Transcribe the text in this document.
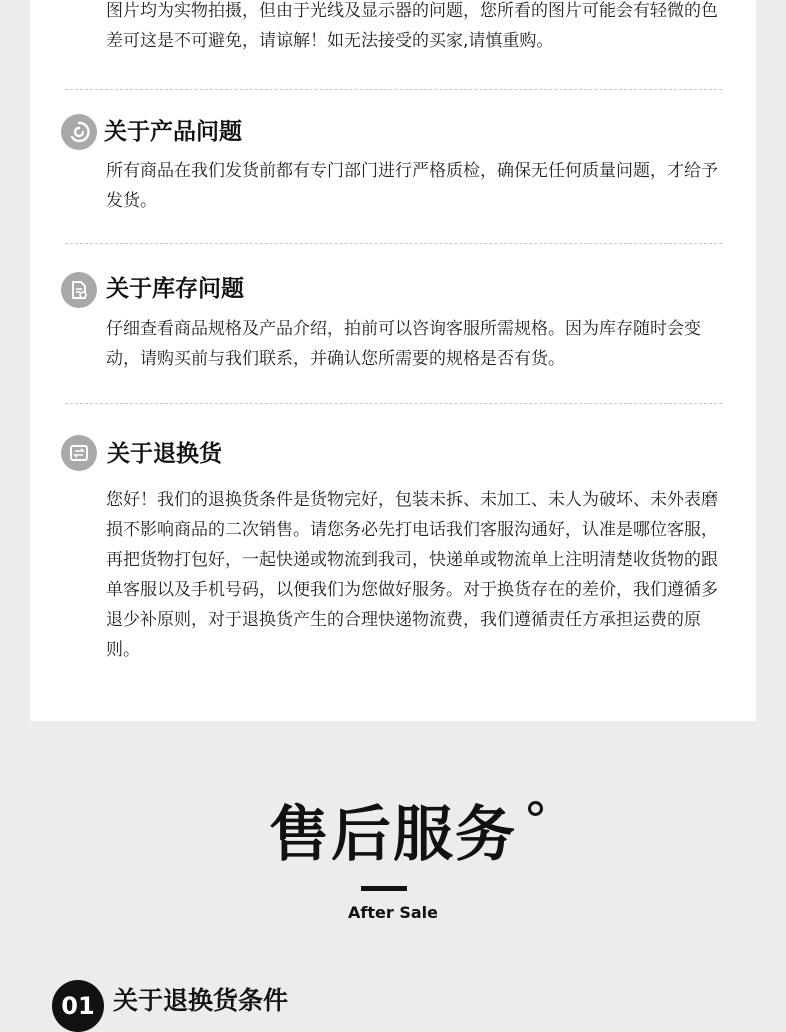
图片均为实物拍摄，但由于光线及显示器的问题，您所看的图片可能会有轻微的色差可这是不可避免，请谅解！如无法接受的买家,请慎重购。
关于产品问题
所有商品在我们发货前都有专门部门进行严格质检，确保无任何质量问题，才给予发货。
关于库存问题
仔细查看商品规格及产品介绍，拍前可以咨询客服所需规格。因为库存随时会变动，请购买前与我们联系，并确认您所需要的规格是否有货。
关于退换货
您好！我们的退换货条件是货物完好，包装未拆、未加工、未人为破坏、未外表磨损不影响商品的二次销售。请您务必先打电话我们客服沟通好，认准是哪位客服，再把货物打包好，一起快递或物流到我司，快递单或物流单上注明清楚收货物的跟单客服以及手机号码，以便我们为您做好服务。对于换货存在的差价，我们遵循多退少补原则，对于退换货产生的合理快递物流费，我们遵循责任方承担运费的原则。
售后服务
After Sale
01 关于退换货条件
